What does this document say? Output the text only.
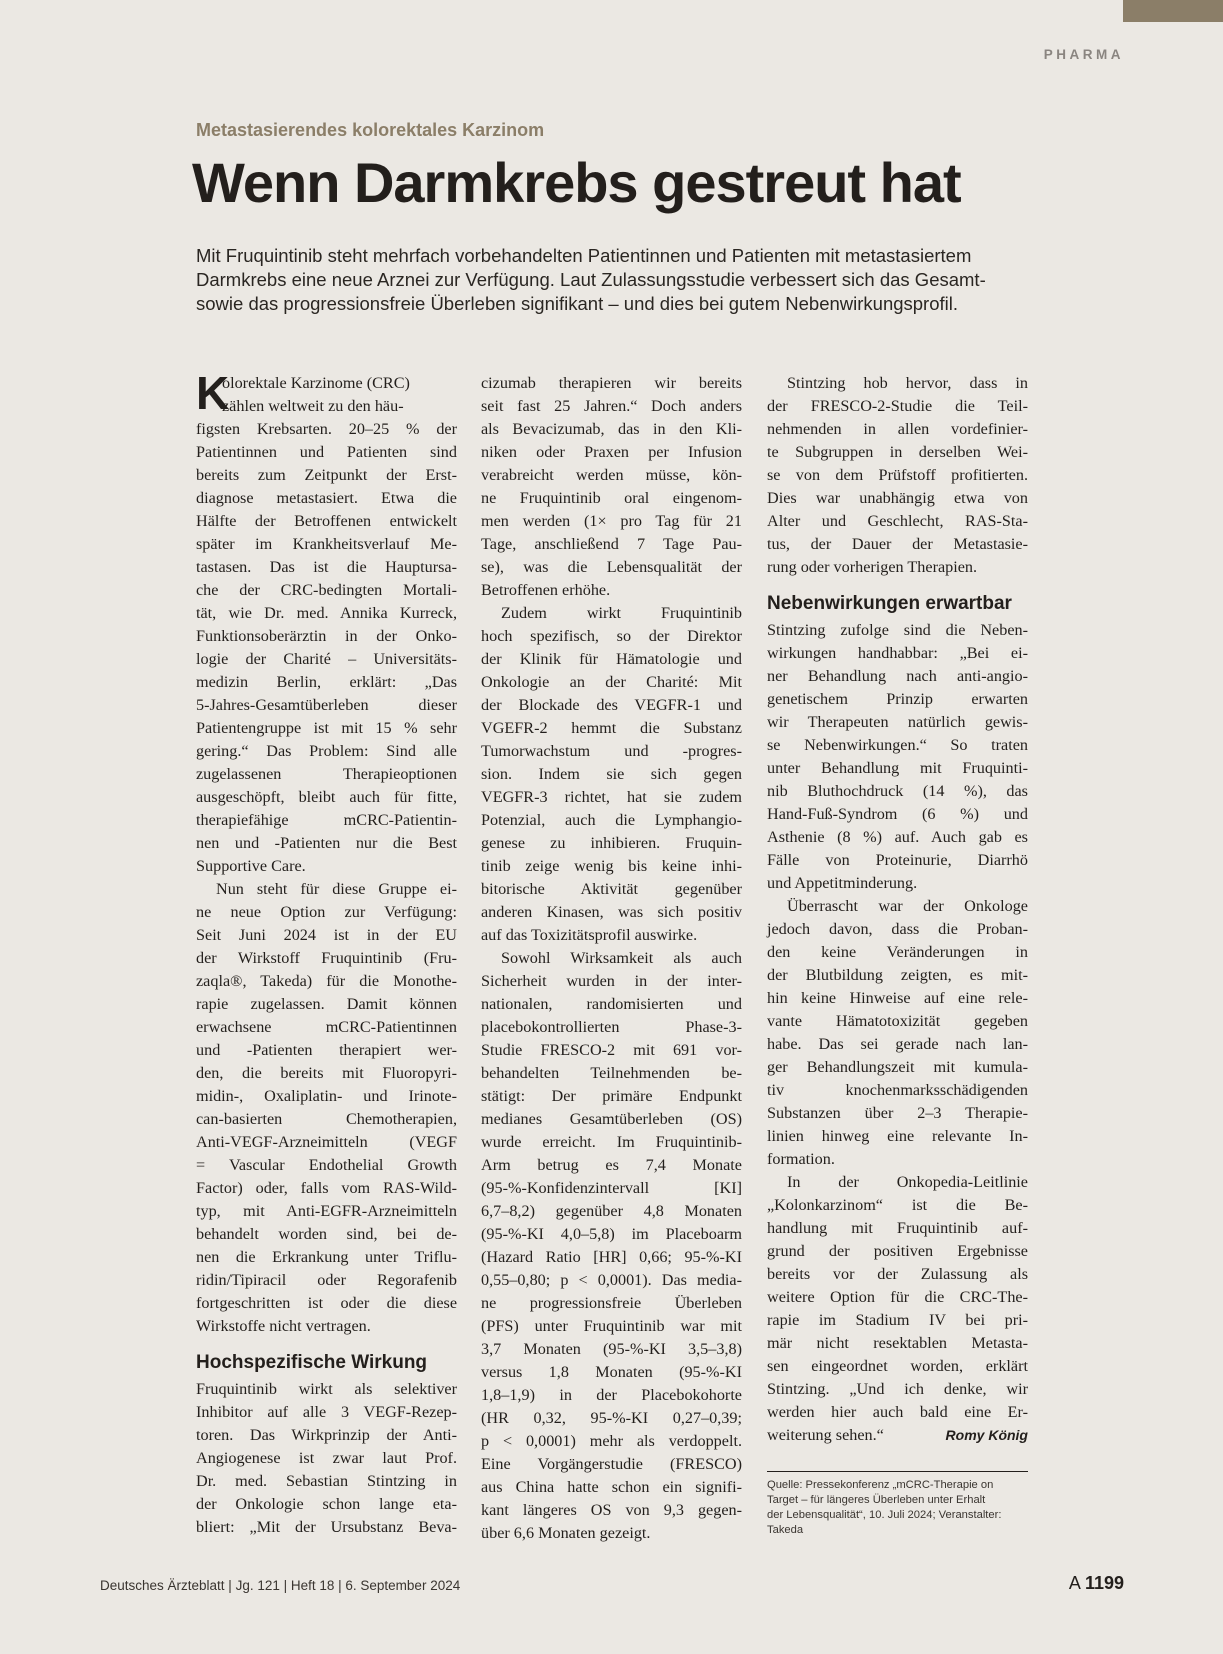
PHARMA
Metastasierendes kolorektales Karzinom
Wenn Darmkrebs gestreut hat
Mit Fruquintinib steht mehrfach vorbehandelten Patientinnen und Patienten mit metastasiertem
Darmkrebs eine neue Arznei zur Verfügung. Laut Zulassungsstudie verbessert sich das Gesamt-
sowie das progressionsfreie Überleben signifikant – und dies bei gutem Nebenwirkungsprofil.
K
olorektale Karzinome (CRC)
zählen weltweit zu den häu-
figsten Krebsarten. 20–25 % der
Patientinnen und Patienten sind
bereits zum Zeitpunkt der Erst-
diagnose metastasiert. Etwa die
Hälfte der Betroffenen entwickelt
später im Krankheitsverlauf Me-
tastasen. Das ist die Hauptursa-
che der CRC-bedingten Mortali-
tät, wie Dr. med. Annika Kurreck,
Funktionsoberärztin in der Onko-
logie der Charité – Universitäts-
medizin Berlin, erklärt: „Das
5-Jahres-Gesamtüberleben dieser
Patientengruppe ist mit 15 % sehr
gering.“ Das Problem: Sind alle
zugelassenen Therapieoptionen
ausgeschöpft, bleibt auch für fitte,
therapiefähige mCRC-Patientin-
nen und -Patienten nur die Best
Supportive Care.
Nun steht für diese Gruppe ei-
ne neue Option zur Verfügung:
Seit Juni 2024 ist in der EU
der Wirkstoff Fruquintinib (Fru-
zaqla®, Takeda) für die Monothe-
rapie zugelassen. Damit können
erwachsene mCRC-Patientinnen
und -Patienten therapiert wer-
den, die bereits mit Fluoropyri-
midin-, Oxaliplatin- und Irinote-
can-basierten Chemotherapien,
Anti-VEGF-Arzneimitteln (VEGF
= Vascular Endothelial Growth
Factor) oder, falls vom RAS-Wild-
typ, mit Anti-EGFR-Arzneimitteln
behandelt worden sind, bei de-
nen die Erkrankung unter Triflu-
ridin/Tipiracil oder Regorafenib
fortgeschritten ist oder die diese
Wirkstoffe nicht vertragen.
Hochspezifische Wirkung
Fruquintinib wirkt als selektiver
Inhibitor auf alle 3 VEGF-Rezep-
toren. Das Wirkprinzip der Anti-
Angiogenese ist zwar laut Prof.
Dr. med. Sebastian Stintzing in
der Onkologie schon lange eta-
bliert: „Mit der Ursubstanz Beva-
cizumab therapieren wir bereits
seit fast 25 Jahren.“ Doch anders
als Bevacizumab, das in den Kli-
niken oder Praxen per Infusion
verabreicht werden müsse, kön-
ne Fruquintinib oral eingenom-
men werden (1× pro Tag für 21
Tage, anschließend 7 Tage Pau-
se), was die Lebensqualität der
Betroffenen erhöhe.
Zudem wirkt Fruquintinib
hoch spezifisch, so der Direktor
der Klinik für Hämatologie und
Onkologie an der Charité: Mit
der Blockade des VEGFR-1 und
VGEFR-2 hemmt die Substanz
Tumorwachstum und -progres-
sion. Indem sie sich gegen
VEGFR-3 richtet, hat sie zudem
Potenzial, auch die Lymphangio-
genese zu inhibieren. Fruquin-
tinib zeige wenig bis keine inhi-
bitorische Aktivität gegenüber
anderen Kinasen, was sich positiv
auf das Toxizitätsprofil auswirke.
Sowohl Wirksamkeit als auch
Sicherheit wurden in der inter-
nationalen, randomisierten und
placebokontrollierten Phase-3-
Studie FRESCO-2 mit 691 vor-
behandelten Teilnehmenden be-
stätigt: Der primäre Endpunkt
medianes Gesamtüberleben (OS)
wurde erreicht. Im Fruquintinib-
Arm betrug es 7,4 Monate
(95-%-Konfidenzintervall [KI]
6,7–8,2) gegenüber 4,8 Monaten
(95-%-KI 4,0–5,8) im Placeboarm
(Hazard Ratio [HR] 0,66; 95-%-KI
0,55–0,80; p < 0,0001). Das media-
ne progressionsfreie Überleben
(PFS) unter Fruquintinib war mit
3,7 Monaten (95-%-KI 3,5–3,8)
versus 1,8 Monaten (95-%-KI
1,8–1,9) in der Placebokohorte
(HR 0,32, 95-%-KI 0,27–0,39;
p < 0,0001) mehr als verdoppelt.
Eine Vorgängerstudie (FRESCO)
aus China hatte schon ein signifi-
kant längeres OS von 9,3 gegen-
über 6,6 Monaten gezeigt.
Stintzing hob hervor, dass in
der FRESCO-2-Studie die Teil-
nehmenden in allen vordefinier-
te Subgruppen in derselben Wei-
se von dem Prüfstoff profitierten.
Dies war unabhängig etwa von
Alter und Geschlecht, RAS-Sta-
tus, der Dauer der Metastasie-
rung oder vorherigen Therapien.
Nebenwirkungen erwartbar
Stintzing zufolge sind die Neben-
wirkungen handhabbar: „Bei ei-
ner Behandlung nach anti-angio-
genetischem Prinzip erwarten
wir Therapeuten natürlich gewis-
se Nebenwirkungen.“ So traten
unter Behandlung mit Fruquinti-
nib Bluthochdruck (14 %), das
Hand-Fuß-Syndrom (6 %) und
Asthenie (8 %) auf. Auch gab es
Fälle von Proteinurie, Diarrhö
und Appetitminderung.
Überrascht war der Onkologe
jedoch davon, dass die Proban-
den keine Veränderungen in
der Blutbildung zeigten, es mit-
hin keine Hinweise auf eine rele-
vante Hämatotoxizität gegeben
habe. Das sei gerade nach lan-
ger Behandlungszeit mit kumula-
tiv knochenmarksschädigenden
Substanzen über 2–3 Therapie-
linien hinweg eine relevante In-
formation.
In der Onkopedia-Leitlinie
„Kolonkarzinom“ ist die Be-
handlung mit Fruquintinib auf-
grund der positiven Ergebnisse
bereits vor der Zulassung als
weitere Option für die CRC-The-
rapie im Stadium IV bei pri-
mär nicht resektablen Metasta-
sen eingeordnet worden, erklärt
Stintzing. „Und ich denke, wir
werden hier auch bald eine Er-
weiterung sehen.“	Romy König
Quelle: Pressekonferenz „mCRC-Therapie on
Target – für längeres Überleben unter Erhalt
der Lebensqualität“, 10. Juli 2024; Veranstalter:
Takeda
Deutsches Ärzteblatt | Jg. 121 | Heft 18 | 6. September 2024	A 1199
